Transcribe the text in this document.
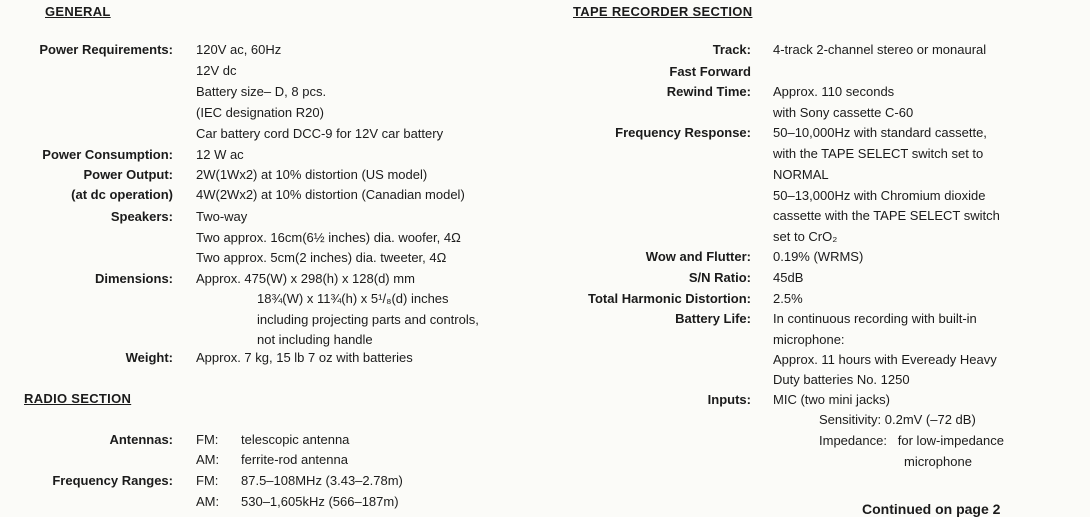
GENERAL
Power Requirements: 120V ac, 60Hz
12V dc
Battery size– D, 8 pcs.
(IEC designation R20)
Car battery cord DCC-9 for 12V car battery
Power Consumption: 12 W ac
Power Output: 2W(1Wx2) at 10% distortion (US model)
(at dc operation) 4W(2Wx2) at 10% distortion (Canadian model)
Speakers: Two-way
Two approx. 16cm(6½ inches) dia. woofer, 4Ω
Two approx. 5cm(2 inches) dia. tweeter, 4Ω
Dimensions: Approx. 475(W) x 298(h) x 128(d) mm
18¾(W) x 11¾(h) x 5¹/₈(d) inches
including projecting parts and controls,
not including handle
Weight: Approx. 7 kg, 15 lb 7 oz with batteries
RADIO SECTION
Antennas: FM:	telescopic antenna
AM:	ferrite-rod antenna
Frequency Ranges: FM:	87.5–108MHz (3.43–2.78m)
AM:	530–1,605kHz (566–187m)
TAPE RECORDER SECTION
Track: 4-track 2-channel stereo or monaural
Fast Forward
Rewind Time: Approx. 110 seconds
with Sony cassette C-60
Frequency Response: 50–10,000Hz with standard cassette,
with the TAPE SELECT switch set to
NORMAL
50–13,000Hz with Chromium dioxide
cassette with the TAPE SELECT switch
set to CrO₂
Wow and Flutter: 0.19% (WRMS)
S/N Ratio: 45dB
Total Harmonic Distortion: 2.5%
Battery Life: In continuous recording with built-in
microphone:
Approx. 11 hours with Eveready Heavy
Duty batteries No. 1250
Inputs: MIC (two mini jacks)
Sensitivity: 0.2mV (–72 dB)
Impedance:   for low-impedance
microphone
Continued on page 2
